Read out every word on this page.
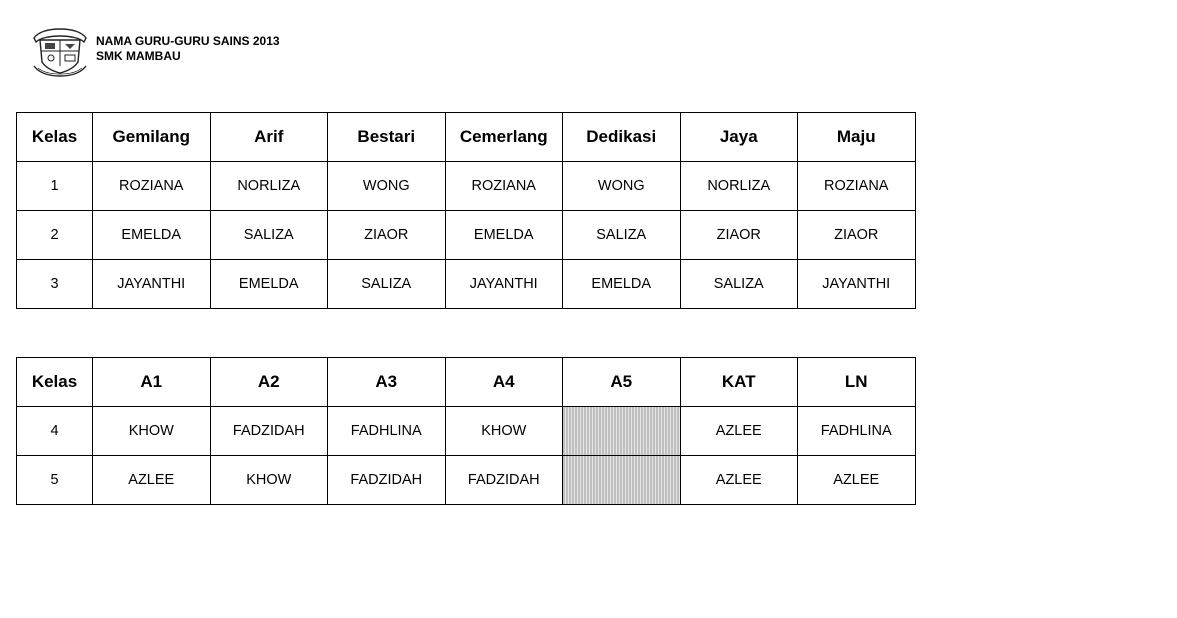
NAMA GURU-GURU SAINS 2013
SMK MAMBAU
Kelas	Gemilang	Arif	Bestari	Cemerlang	Dedikasi	Jaya	Maju
1	ROZIANA	NORLIZA	WONG	ROZIANA	WONG	NORLIZA	ROZIANA
2	EMELDA	SALIZA	ZIAOR	EMELDA	SALIZA	ZIAOR	ZIAOR
3	JAYANTHI	EMELDA	SALIZA	JAYANTHI	EMELDA	SALIZA	JAYANTHI
Kelas	A1	A2	A3	A4	A5	KAT	LN
4	KHOW	FADZIDAH	FADHLINA	KHOW		AZLEE	FADHLINA
5	AZLEE	KHOW	FADZIDAH	FADZIDAH		AZLEE	AZLEE
